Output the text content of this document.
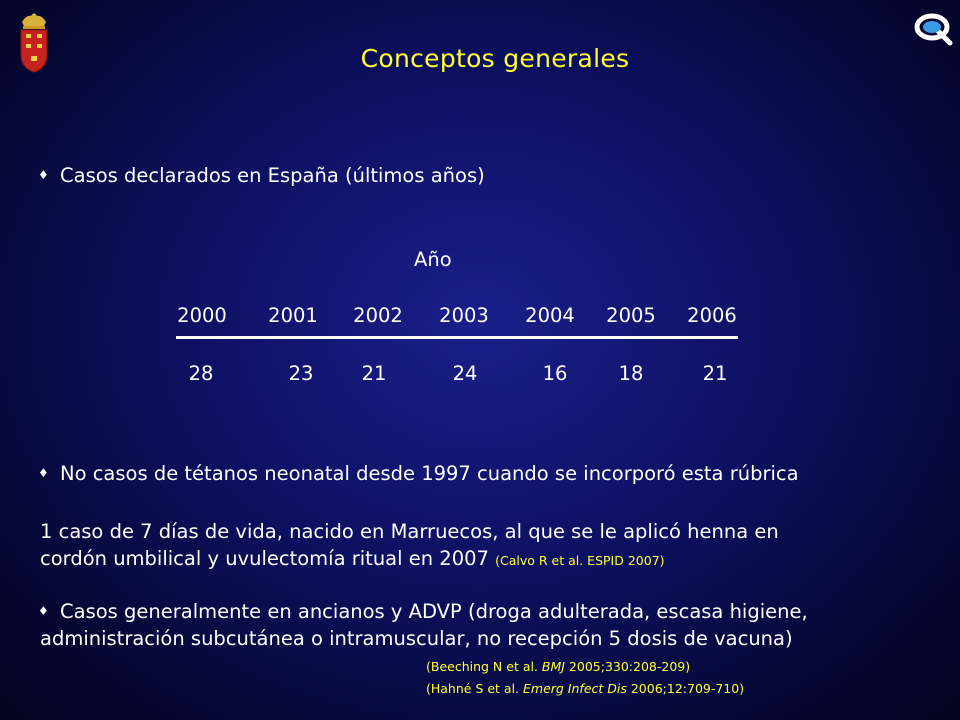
Conceptos generales
♦ Casos declarados en España (últimos años)
Año
2000	2001	2002	2003	2004	2005	2006
28	23	21	24	16	18	21
♦ No casos de tétanos neonatal desde 1997 cuando se incorporó esta rúbrica
1 caso de 7 días de vida, nacido en Marruecos, al que se le aplicó henna en
cordón umbilical y uvulectomía ritual en 2007 (Calvo R et al. ESPID 2007)
♦ Casos generalmente en ancianos y ADVP (droga adulterada, escasa higiene,
administración subcutánea o intramuscular, no recepción 5 dosis de vacuna)
(Beeching N et al. BMJ 2005;330:208-209)
(Hahné S et al. Emerg Infect Dis 2006;12:709-710)
